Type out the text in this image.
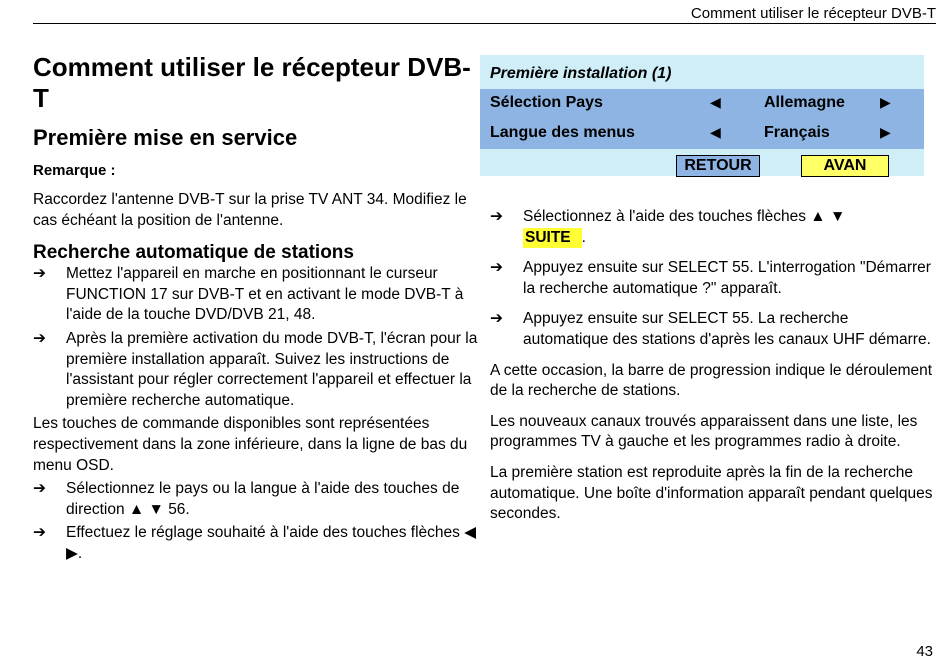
Comment utiliser le récepteur DVB-T
Comment utiliser le récepteur DVB-T
Première mise en service
Remarque :

Raccordez l'antenne DVB-T sur la prise TV ANT 34. Modifiez le cas échéant la position de l'antenne.

Recherche automatique de stations
➔	Mettez l'appareil en marche en positionnant le curseur FUNCTION 17 sur DVB-T et en activant le mode DVB-T à l'aide de la touche DVD/DVB 21, 48.
➔	Après la première activation du mode DVB-T, l'écran pour la première installation apparaît. Suivez les instructions de l'assistant pour régler correctement l'appareil et effectuer la première recherche automatique.

Les touches de commande disponibles sont représentées respectivement dans la zone inférieure, dans la ligne de bas du menu OSD.

➔	Sélectionnez le pays ou la langue à l'aide des touches de direction ▲ ▼ 56.
➔	Effectuez le réglage souhaité à l'aide des touches flèches ◀ ▶.
Première installation (1)
Sélection Pays	◀	Allemagne	▶
Langue des menus	◀	Français	▶
RETOUR	AVAN
➔	Sélectionnez à l'aide des touches flèches ▲ ▼
SUITE .
➔	Appuyez ensuite sur SELECT 55. L'interrogation "Démarrer la recherche automatique ?" apparaît.
➔	Appuyez ensuite sur SELECT 55. La recherche automatique des stations d'après les canaux UHF démarre.

A cette occasion, la barre de progression indique le déroulement de la recherche de stations.

Les nouveaux canaux trouvés apparaissent dans une liste, les programmes TV à gauche et les programmes radio à droite.

La première station est reproduite après la fin de la recherche automatique. Une boîte d'information apparaît pendant quelques secondes.

43
